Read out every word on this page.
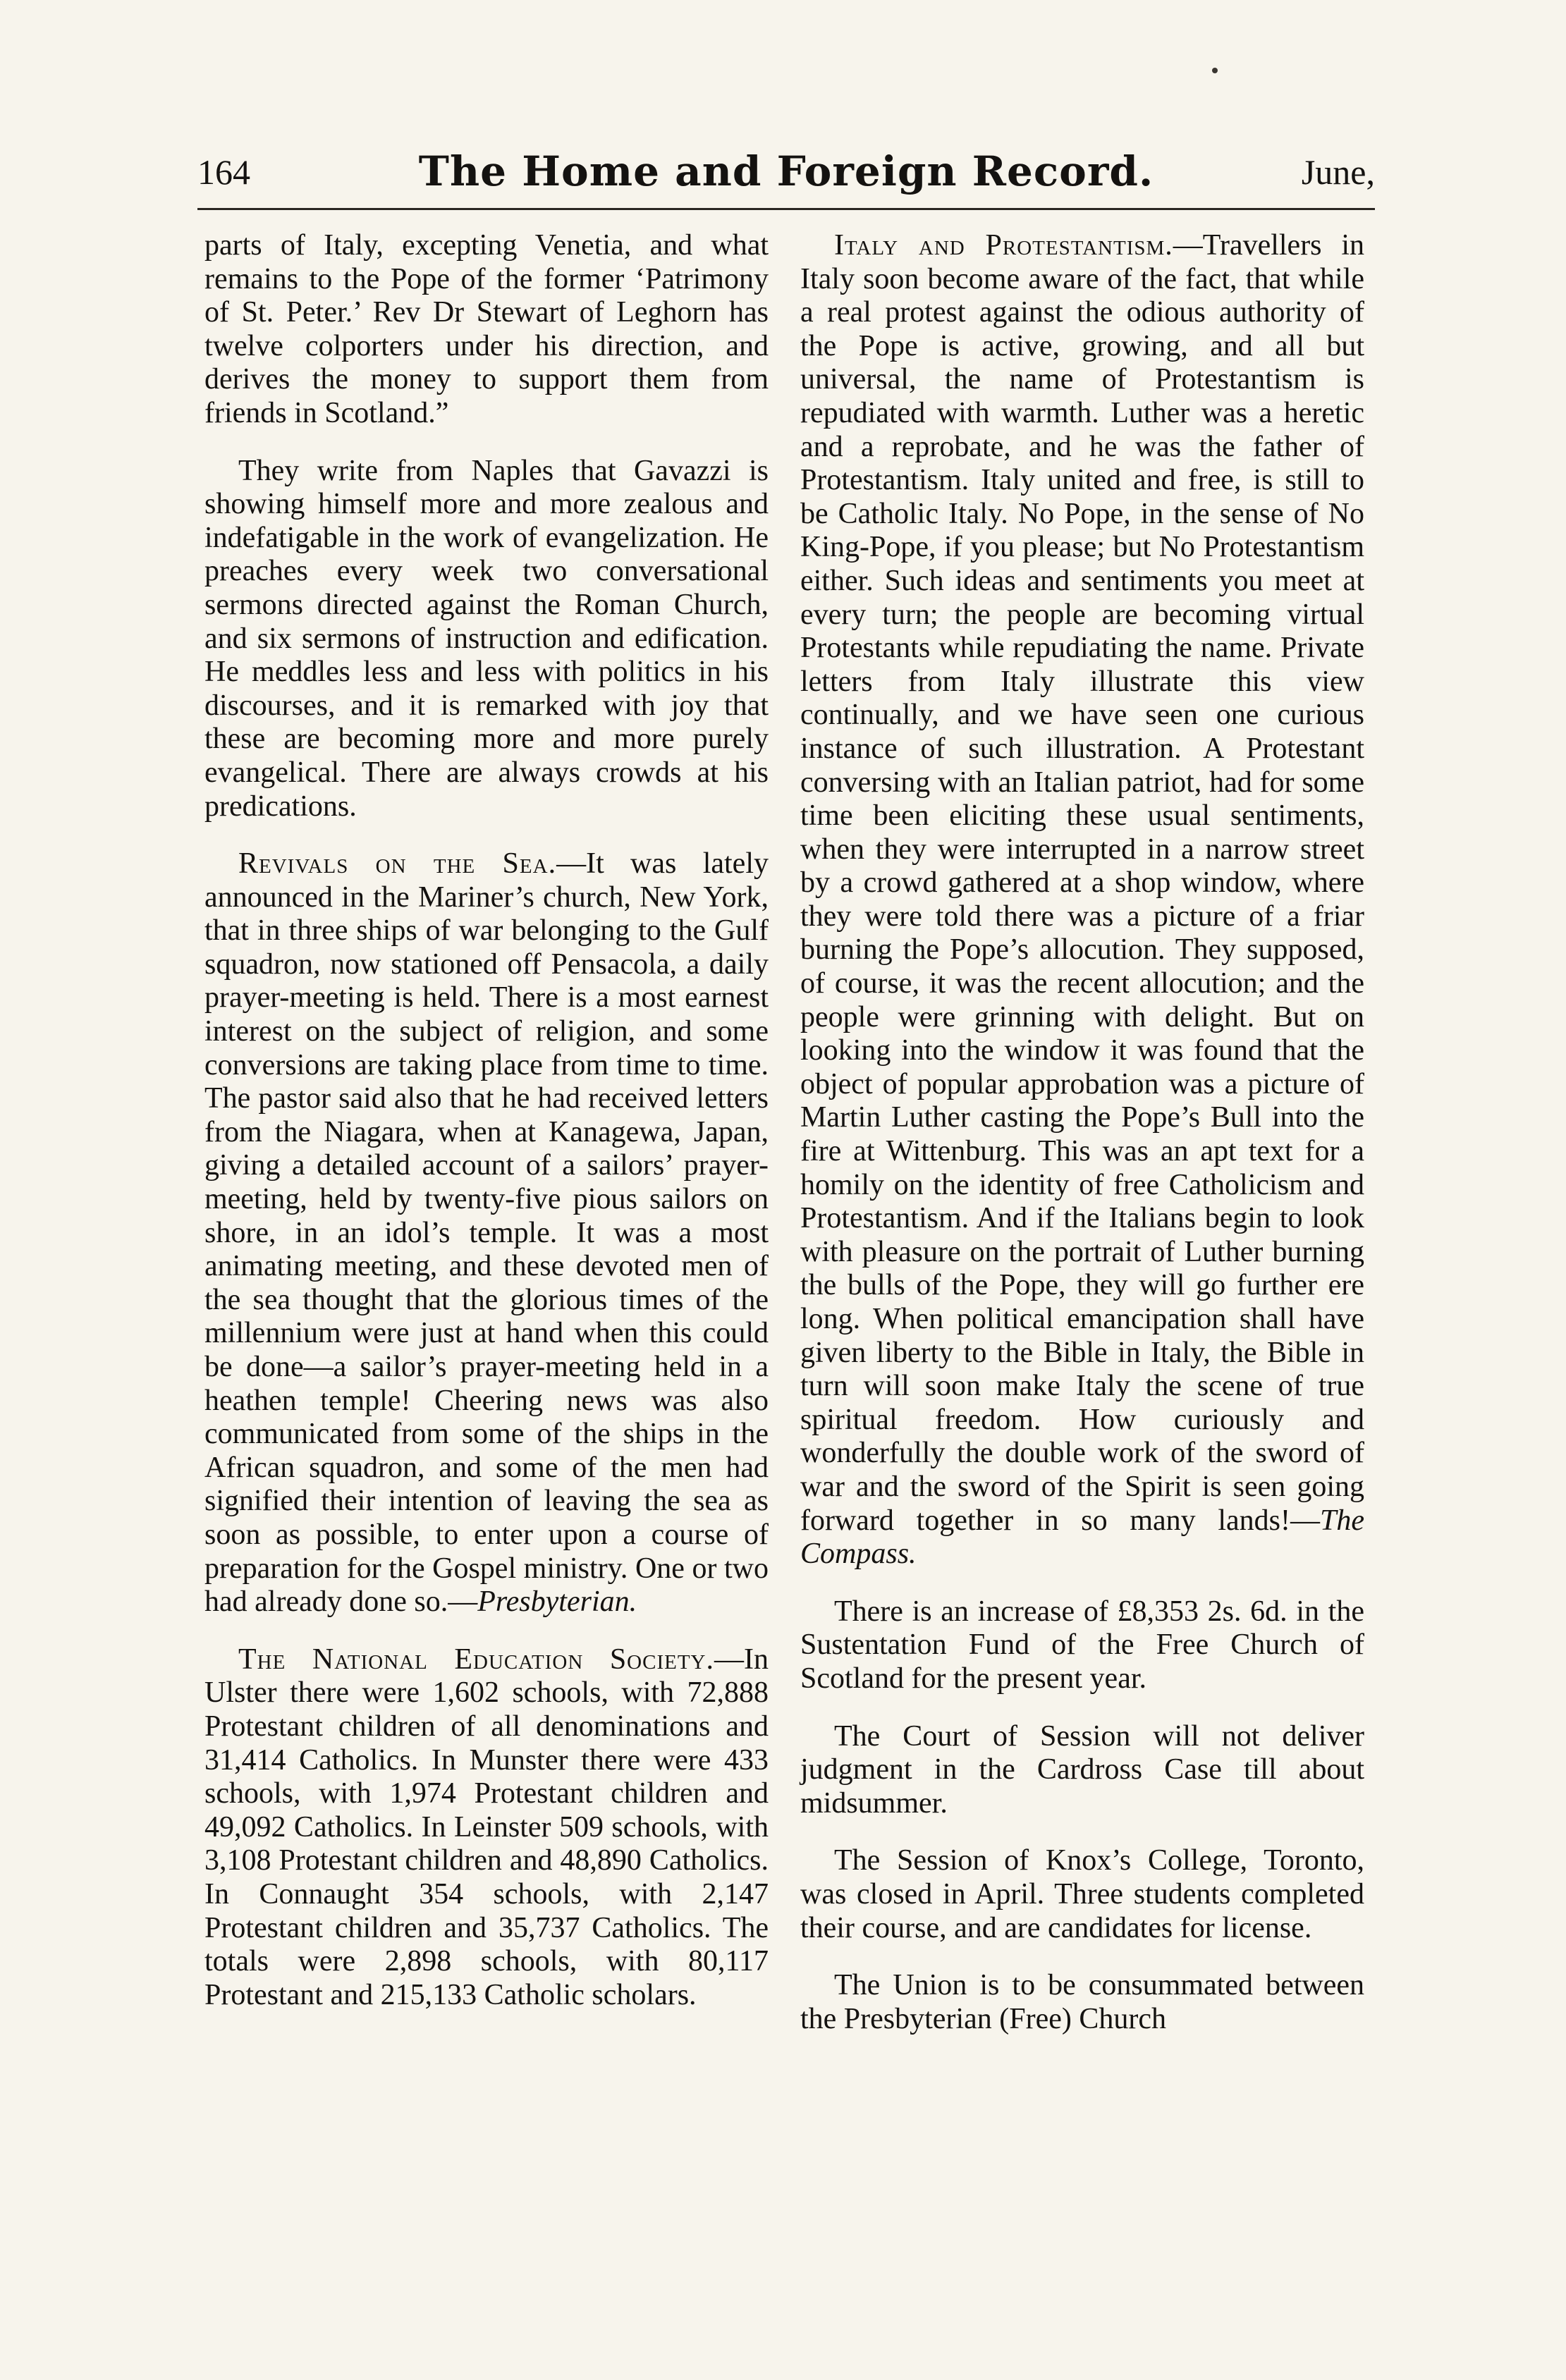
164	The Home and Foreign Record.	June,

parts of Italy, excepting Venetia, and what remains to the Pope of the former ‘Patrimony of St. Peter.’ Rev Dr Stewart of Leghorn has twelve colporters under his direction, and derives the money to support them from friends in Scotland.”

They write from Naples that Gavazzi is showing himself more and more zealous and indefatigable in the work of evangelization. He preaches every week two conversational sermons directed against the Roman Church, and six sermons of instruction and edification. He meddles less and less with politics in his discourses, and it is remarked with joy that these are becoming more and more purely evangelical. There are always crowds at his predications.

Revivals on the Sea.—It was lately announced in the Mariner’s church, New York, that in three ships of war belonging to the Gulf squadron, now stationed off Pensacola, a daily prayer-meeting is held. There is a most earnest interest on the subject of religion, and some conversions are taking place from time to time. The pastor said also that he had received letters from the Niagara, when at Kanagewa, Japan, giving a detailed account of a sailors’ prayer-meeting, held by twenty-five pious sailors on shore, in an idol’s temple. It was a most animating meeting, and these devoted men of the sea thought that the glorious times of the millennium were just at hand when this could be done—a sailor’s prayer-meeting held in a heathen temple! Cheering news was also communicated from some of the ships in the African squadron, and some of the men had signified their intention of leaving the sea as soon as possible, to enter upon a course of preparation for the Gospel ministry. One or two had already done so.—Presbyterian.

The National Education Society.—In Ulster there were 1,602 schools, with 72,888 Protestant children of all denominations and 31,414 Catholics. In Munster there were 433 schools, with 1,974 Protestant children and 49,092 Catholics. In Leinster 509 schools, with 3,108 Protestant children and 48,890 Catholics. In Connaught 354 schools, with 2,147 Protestant children and 35,737 Catholics. The totals were 2,898 schools, with 80,117 Protestant and 215,133 Catholic scholars.

Italy and Protestantism.—Travellers in Italy soon become aware of the fact, that while a real protest against the odious authority of the Pope is active, growing, and all but universal, the name of Protestantism is repudiated with warmth. Luther was a heretic and a reprobate, and he was the father of Protestantism. Italy united and free, is still to be Catholic Italy. No Pope, in the sense of No King-Pope, if you please; but No Protestantism either. Such ideas and sentiments you meet at every turn; the people are becoming virtual Protestants while repudiating the name. Private letters from Italy illustrate this view continually, and we have seen one curious instance of such illustration. A Protestant conversing with an Italian patriot, had for some time been eliciting these usual sentiments, when they were interrupted in a narrow street by a crowd gathered at a shop window, where they were told there was a picture of a friar burning the Pope’s allocution. They supposed, of course, it was the recent allocution; and the people were grinning with delight. But on looking into the window it was found that the object of popular approbation was a picture of Martin Luther casting the Pope’s Bull into the fire at Wittenburg. This was an apt text for a homily on the identity of free Catholicism and Protestantism. And if the Italians begin to look with pleasure on the portrait of Luther burning the bulls of the Pope, they will go further ere long. When political emancipation shall have given liberty to the Bible in Italy, the Bible in turn will soon make Italy the scene of true spiritual freedom. How curiously and wonderfully the double work of the sword of war and the sword of the Spirit is seen going forward together in so many lands!—The Compass.

There is an increase of £8,353 2s. 6d. in the Sustentation Fund of the Free Church of Scotland for the present year.

The Court of Session will not deliver judgment in the Cardross Case till about midsummer.

The Session of Knox’s College, Toronto, was closed in April. Three students completed their course, and are candidates for license.

The Union is to be consummated between the Presbyterian (Free) Church
